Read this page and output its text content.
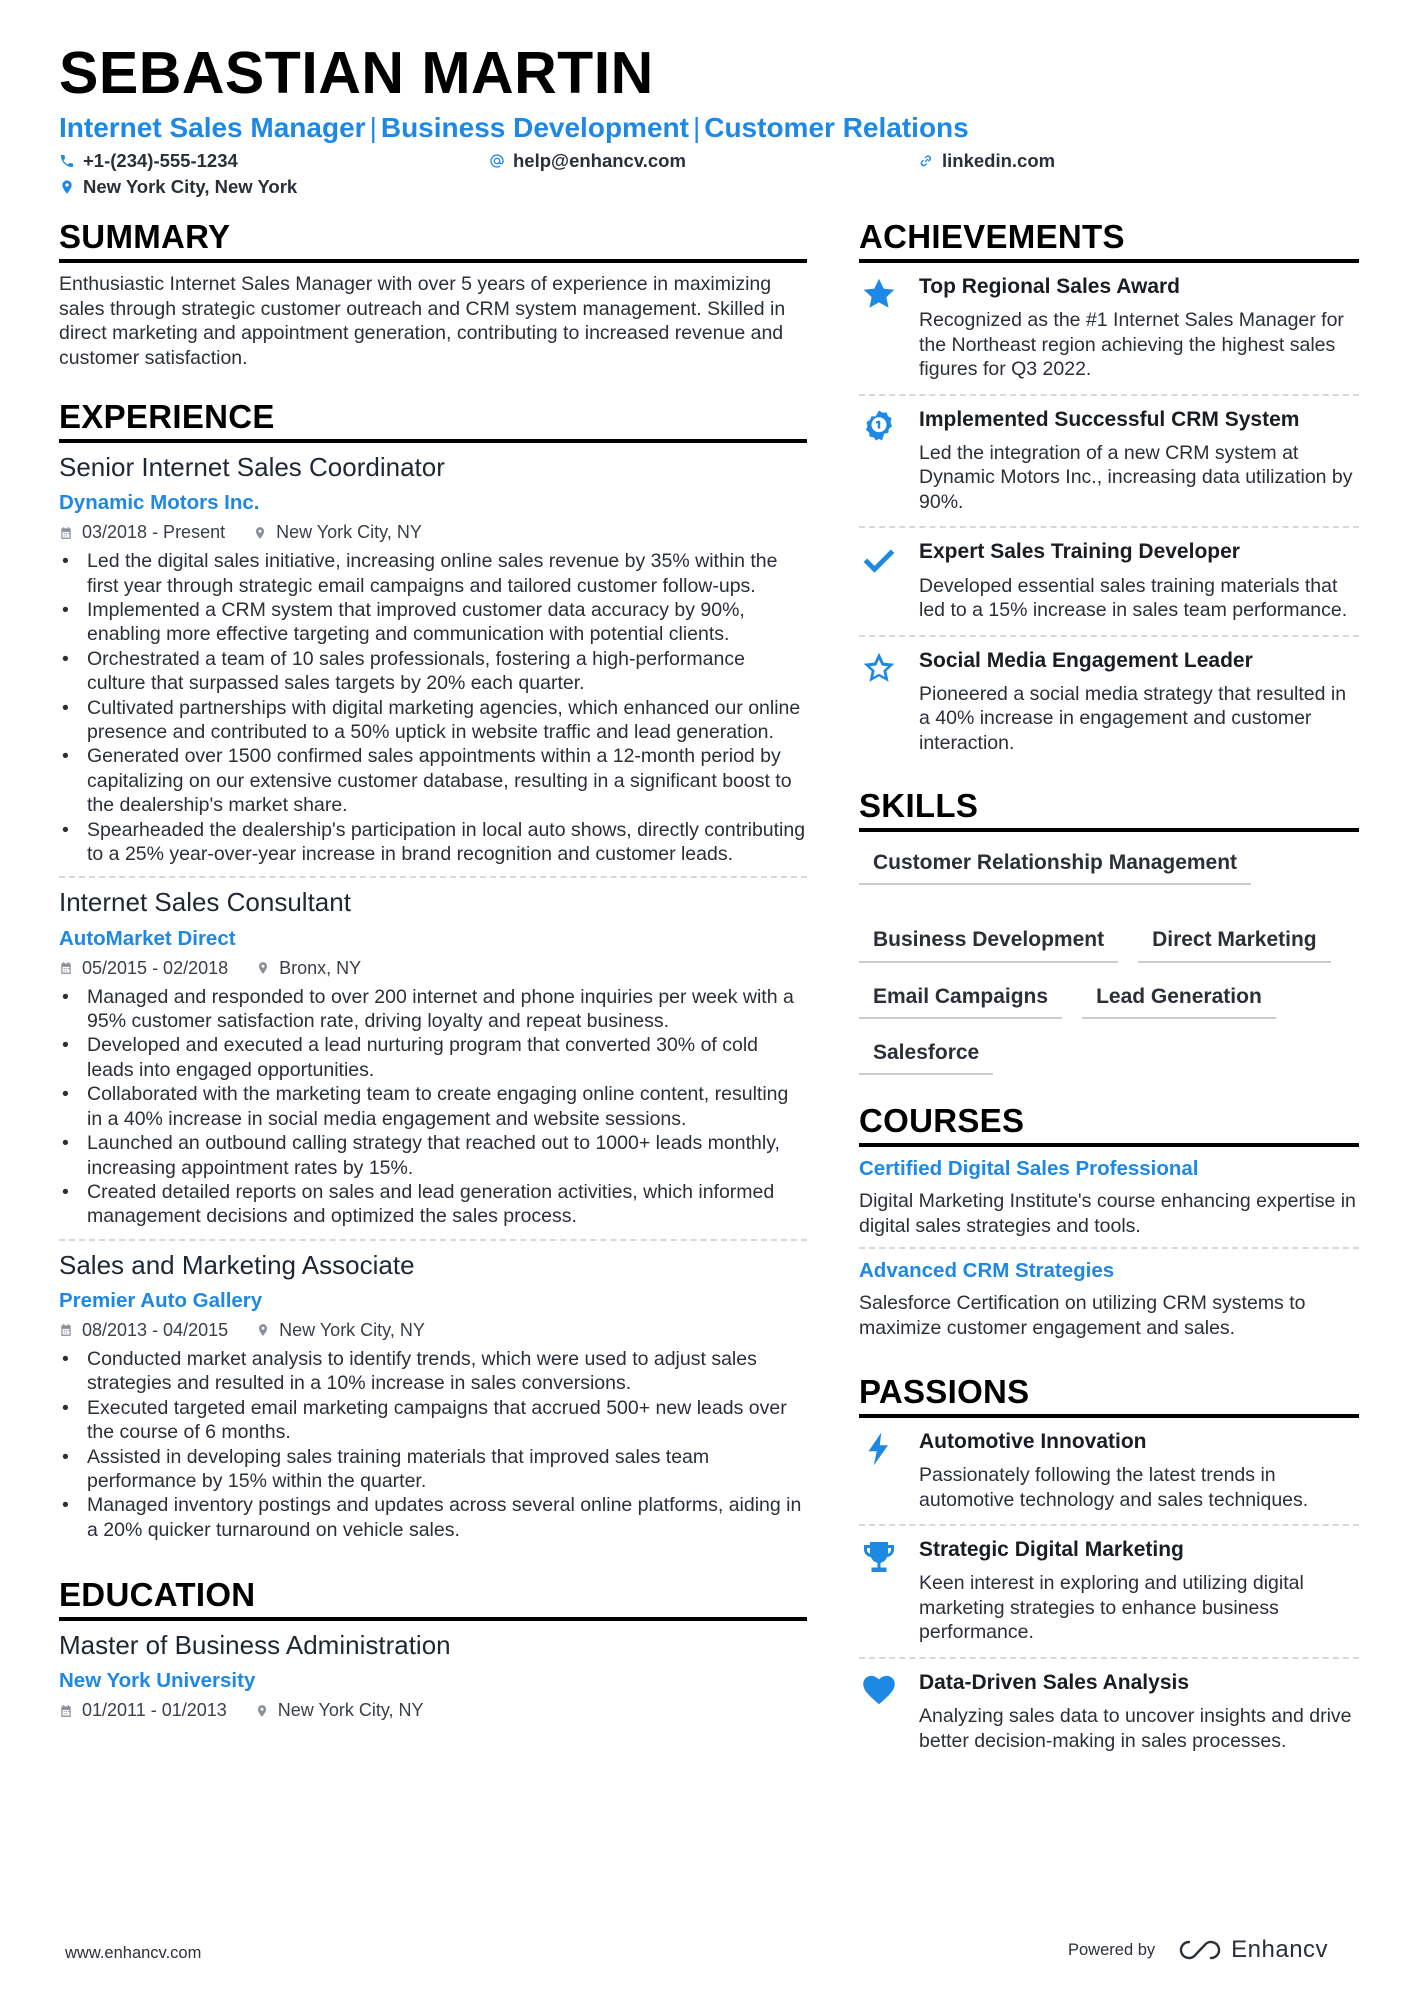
SEBASTIAN MARTIN
Internet Sales Manager | Business Development | Customer Relations
+1-(234)-555-1234	help@enhancv.com	linkedin.com
New York City, New York
SUMMARY
Enthusiastic Internet Sales Manager with over 5 years of experience in maximizing sales through strategic customer outreach and CRM system management. Skilled in direct marketing and appointment generation, contributing to increased revenue and customer satisfaction.
EXPERIENCE
Senior Internet Sales Coordinator
Dynamic Motors Inc.
03/2018 - Present	New York City, NY
• Led the digital sales initiative, increasing online sales revenue by 35% within the first year through strategic email campaigns and tailored customer follow-ups.
• Implemented a CRM system that improved customer data accuracy by 90%, enabling more effective targeting and communication with potential clients.
• Orchestrated a team of 10 sales professionals, fostering a high-performance culture that surpassed sales targets by 20% each quarter.
• Cultivated partnerships with digital marketing agencies, which enhanced our online presence and contributed to a 50% uptick in website traffic and lead generation.
• Generated over 1500 confirmed sales appointments within a 12-month period by capitalizing on our extensive customer database, resulting in a significant boost to the dealership's market share.
• Spearheaded the dealership's participation in local auto shows, directly contributing to a 25% year-over-year increase in brand recognition and customer leads.
Internet Sales Consultant
AutoMarket Direct
05/2015 - 02/2018	Bronx, NY
• Managed and responded to over 200 internet and phone inquiries per week with a 95% customer satisfaction rate, driving loyalty and repeat business.
• Developed and executed a lead nurturing program that converted 30% of cold leads into engaged opportunities.
• Collaborated with the marketing team to create engaging online content, resulting in a 40% increase in social media engagement and website sessions.
• Launched an outbound calling strategy that reached out to 1000+ leads monthly, increasing appointment rates by 15%.
• Created detailed reports on sales and lead generation activities, which informed management decisions and optimized the sales process.
Sales and Marketing Associate
Premier Auto Gallery
08/2013 - 04/2015	New York City, NY
• Conducted market analysis to identify trends, which were used to adjust sales strategies and resulted in a 10% increase in sales conversions.
• Executed targeted email marketing campaigns that accrued 500+ new leads over the course of 6 months.
• Assisted in developing sales training materials that improved sales team performance by 15% within the quarter.
• Managed inventory postings and updates across several online platforms, aiding in a 20% quicker turnaround on vehicle sales.
EDUCATION
Master of Business Administration
New York University
01/2011 - 01/2013	New York City, NY
ACHIEVEMENTS
Top Regional Sales Award
Recognized as the #1 Internet Sales Manager for the Northeast region achieving the highest sales figures for Q3 2022.
Implemented Successful CRM System
Led the integration of a new CRM system at Dynamic Motors Inc., increasing data utilization by 90%.
Expert Sales Training Developer
Developed essential sales training materials that led to a 15% increase in sales team performance.
Social Media Engagement Leader
Pioneered a social media strategy that resulted in a 40% increase in engagement and customer interaction.
SKILLS
Customer Relationship Management
Business Development	Direct Marketing
Email Campaigns	Lead Generation
Salesforce
COURSES
Certified Digital Sales Professional
Digital Marketing Institute's course enhancing expertise in digital sales strategies and tools.
Advanced CRM Strategies
Salesforce Certification on utilizing CRM systems to maximize customer engagement and sales.
PASSIONS
Automotive Innovation
Passionately following the latest trends in automotive technology and sales techniques.
Strategic Digital Marketing
Keen interest in exploring and utilizing digital marketing strategies to enhance business performance.
Data-Driven Sales Analysis
Analyzing sales data to uncover insights and drive better decision-making in sales processes.
www.enhancv.com	Powered by	Enhancv
